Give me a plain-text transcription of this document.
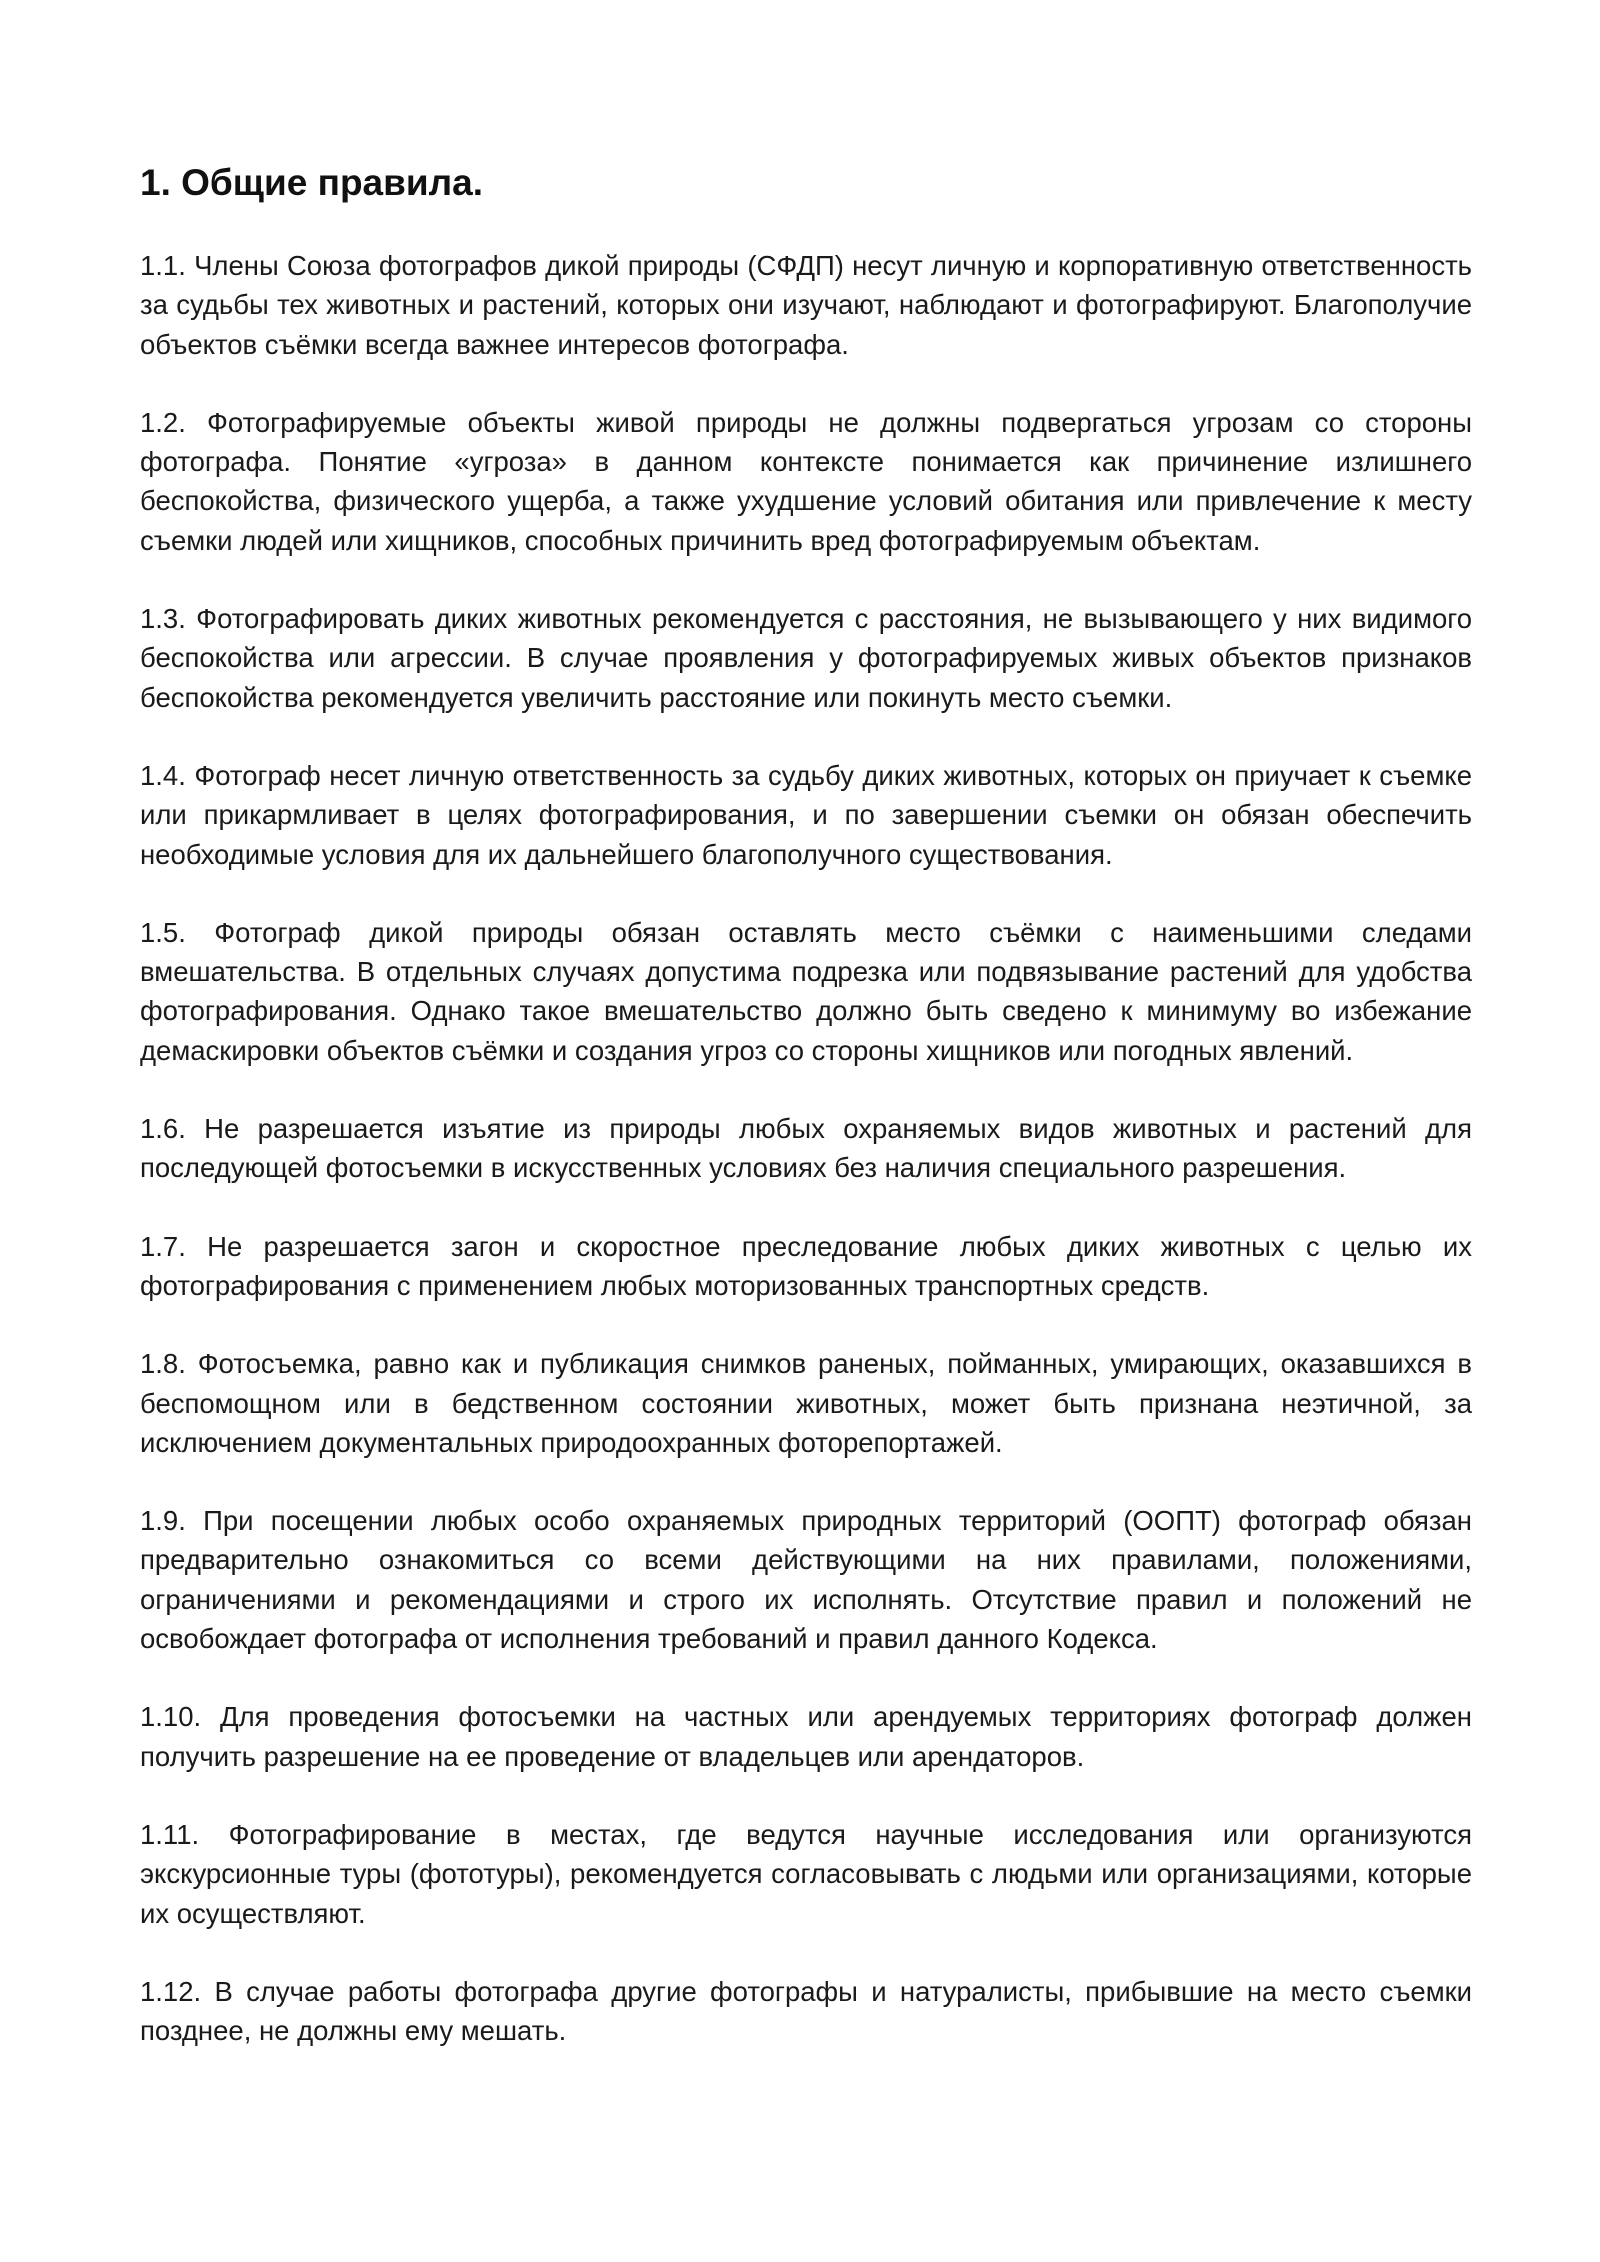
1. Общие правила.

1.1. Члены Союза фотографов дикой природы (СФДП) несут личную и корпоративную ответственность за судьбы тех животных и растений, которых они изучают, наблюдают и фотографируют. Благополучие объектов съёмки всегда важнее интересов фотографа.

1.2. Фотографируемые объекты живой природы не должны подвергаться угрозам со стороны фотографа. Понятие «угроза» в данном контексте понимается как причинение излишнего беспокойства, физического ущерба, а также ухудшение условий обитания или привлечение к месту съемки людей или хищников, способных причинить вред фотографируемым объектам.

1.3. Фотографировать диких животных рекомендуется с расстояния, не вызывающего у них видимого беспокойства или агрессии. В случае проявления у фотографируемых живых объектов признаков беспокойства рекомендуется увеличить расстояние или покинуть место съемки.

1.4. Фотограф несет личную ответственность за судьбу диких животных, которых он приучает к съемке или прикармливает в целях фотографирования, и по завершении съемки он обязан обеспечить необходимые условия для их дальнейшего благополучного существования.

1.5. Фотограф дикой природы обязан оставлять место съёмки с наименьшими следами вмешательства. В отдельных случаях допустима подрезка или подвязывание растений для удобства фотографирования. Однако такое вмешательство должно быть сведено к минимуму во избежание демаскировки объектов съёмки и создания угроз со стороны хищников или погодных явлений.

1.6. Не разрешается изъятие из природы любых охраняемых видов животных и растений для последующей фотосъемки в искусственных условиях без наличия специального разрешения.

1.7. Не разрешается загон и скоростное преследование любых диких животных с целью их фотографирования с применением любых моторизованных транспортных средств.

1.8. Фотосъемка, равно как и публикация снимков раненых, пойманных, умирающих, оказавшихся в беспомощном или в бедственном состоянии животных, может быть признана неэтичной, за исключением документальных природоохранных фоторепортажей.

1.9. При посещении любых особо охраняемых природных территорий (ООПТ) фотограф обязан предварительно ознакомиться со всеми действующими на них правилами, положениями, ограничениями и рекомендациями и строго их исполнять. Отсутствие правил и положений не освобождает фотографа от исполнения требований и правил данного Кодекса.

1.10. Для проведения фотосъемки на частных или арендуемых территориях фотограф должен получить разрешение на ее проведение от владельцев или арендаторов.

1.11. Фотографирование в местах, где ведутся научные исследования или организуются экскурсионные туры (фототуры), рекомендуется согласовывать с людьми или организациями, которые их осуществляют.

1.12. В случае работы фотографа другие фотографы и натуралисты, прибывшие на место съемки позднее, не должны ему мешать.
